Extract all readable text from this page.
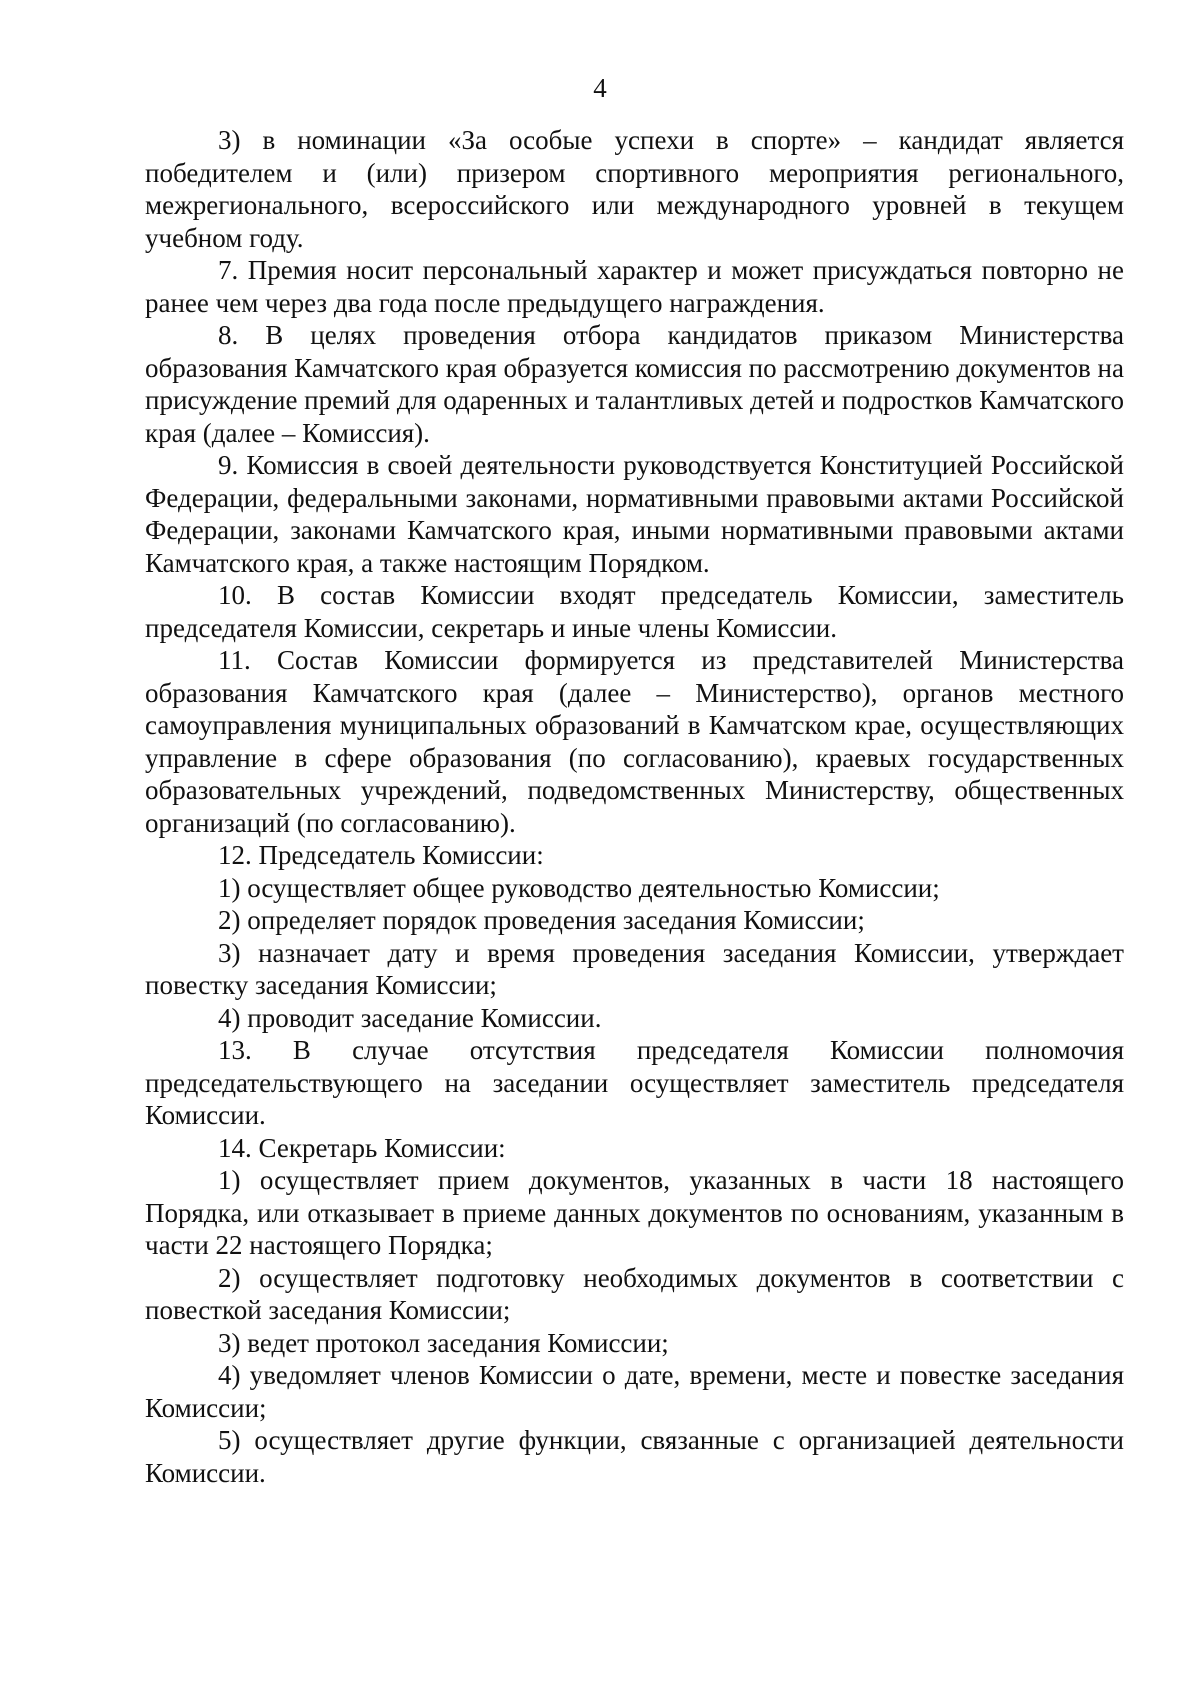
4

3) в номинации «За особые успехи в спорте» – кандидат является победителем и (или) призером спортивного мероприятия регионального, межрегионального, всероссийского или международного уровней в текущем учебном году.

7. Премия носит персональный характер и может присуждаться повторно не ранее чем через два года после предыдущего награждения.

8. В целях проведения отбора кандидатов приказом Министерства образования Камчатского края образуется комиссия по рассмотрению документов на присуждение премий для одаренных и талантливых детей и подростков Камчатского края (далее – Комиссия).

9. Комиссия в своей деятельности руководствуется Конституцией Российской Федерации, федеральными законами, нормативными правовыми актами Российской Федерации, законами Камчатского края, иными нормативными правовыми актами Камчатского края, а также настоящим Порядком.

10. В состав Комиссии входят председатель Комиссии, заместитель председателя Комиссии, секретарь и иные члены Комиссии.

11. Состав Комиссии формируется из представителей Министерства образования Камчатского края (далее – Министерство), органов местного самоуправления муниципальных образований в Камчатском крае, осуществляющих управление в сфере образования (по согласованию), краевых государственных образовательных учреждений, подведомственных Министерству, общественных организаций (по согласованию).

12. Председатель Комиссии:

1) осуществляет общее руководство деятельностью Комиссии;

2) определяет порядок проведения заседания Комиссии;

3) назначает дату и время проведения заседания Комиссии, утверждает повестку заседания Комиссии;

4) проводит заседание Комиссии.

13. В случае отсутствия председателя Комиссии полномочия председательствующего на заседании осуществляет заместитель председателя Комиссии.

14. Секретарь Комиссии:

1) осуществляет прием документов, указанных в части 18 настоящего Порядка, или отказывает в приеме данных документов по основаниям, указанным в части 22 настоящего Порядка;

2) осуществляет подготовку необходимых документов в соответствии с повесткой заседания Комиссии;

3) ведет протокол заседания Комиссии;

4) уведомляет членов Комиссии о дате, времени, месте и повестке заседания Комиссии;

5) осуществляет другие функции, связанные с организацией деятельности Комиссии.
